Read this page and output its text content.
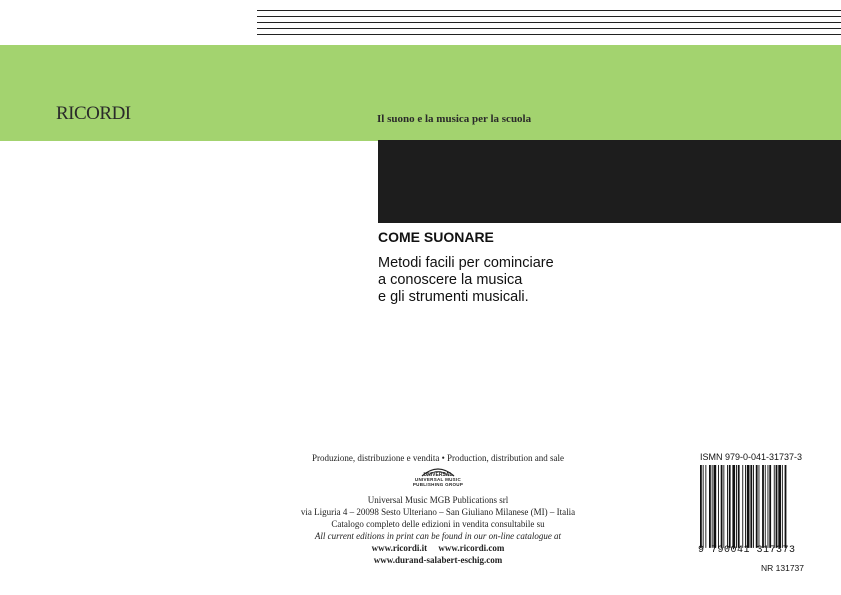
RICORDI	Il suono e la musica per la scuola
COME SUONARE
Metodi facili per cominciare
a conoscere la musica
e gli strumenti musicali.
Produzione, distribuzione e vendita • Production, distribution and sale
UNIVERSAL
UNIVERSAL MUSIC
PUBLISHING GROUP
Universal Music MGB Publications srl
via Liguria 4 – 20098 Sesto Ulteriano – San Giuliano Milanese (MI) – Italia
Catalogo completo delle edizioni in vendita consultabile su
All current editions in print can be found in our on-line catalogue at
www.ricordi.it     www.ricordi.com
www.durand-salabert-eschig.com
ISMN 979-0-041-31737-3
9 790041 317373
NR 131737
